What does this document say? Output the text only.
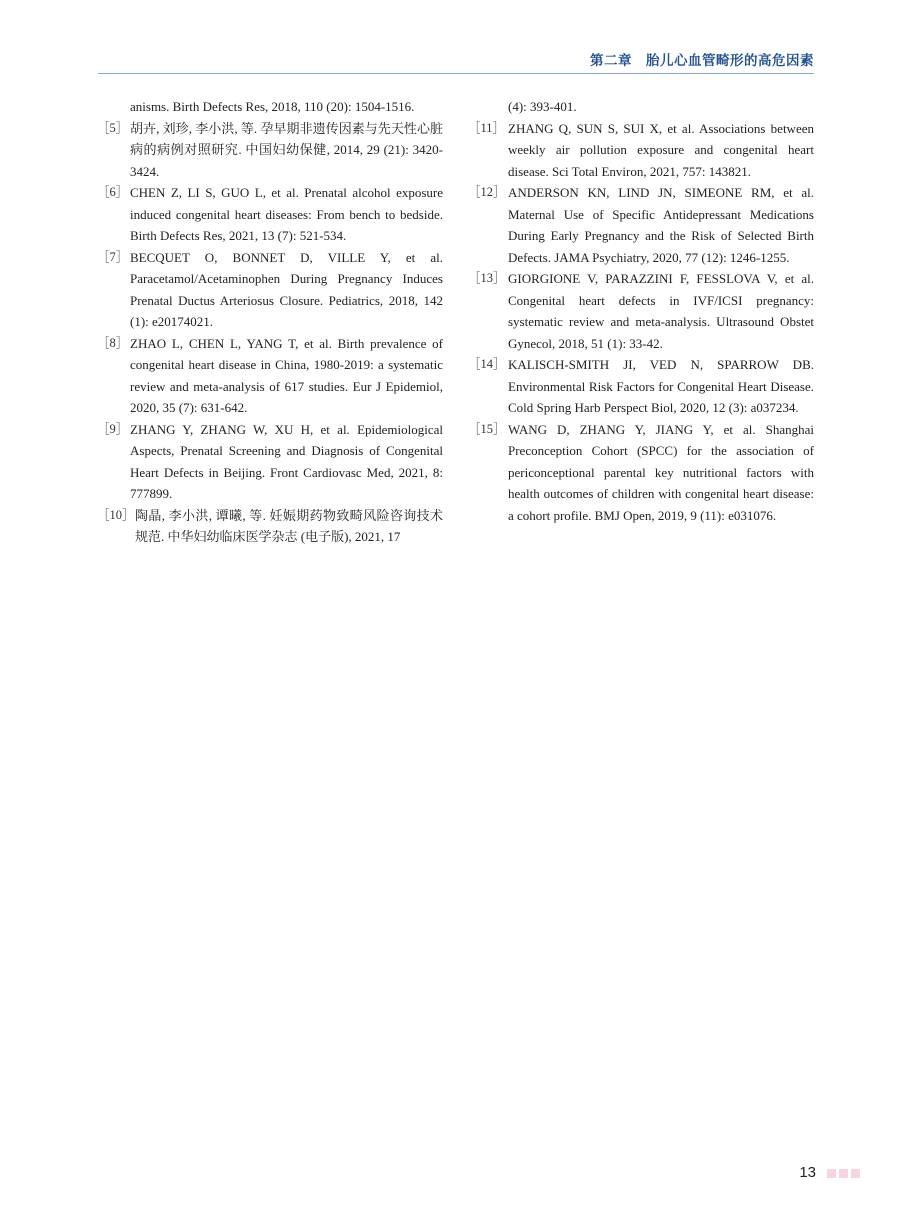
第二章　胎儿心血管畸形的高危因素
anisms. Birth Defects Res, 2018, 110 (20): 1504-1516.
［5］ 胡卉, 刘珍, 李小洪, 等. 孕早期非遗传因素与先天性心脏病的病例对照研究. 中国妇幼保健, 2014, 29 (21): 3420-3424.
［6］ CHEN Z, LI S, GUO L, et al. Prenatal alcohol exposure induced congenital heart diseases: From bench to bedside. Birth Defects Res, 2021, 13 (7): 521-534.
［7］ BECQUET O, BONNET D, VILLE Y, et al. Paracetamol/Acetaminophen During Pregnancy Induces Prenatal Ductus Arteriosus Closure. Pediatrics, 2018, 142 (1): e20174021.
［8］ ZHAO L, CHEN L, YANG T, et al. Birth prevalence of congenital heart disease in China, 1980-2019: a systematic review and meta-analysis of 617 studies. Eur J Epidemiol, 2020, 35 (7): 631-642.
［9］ ZHANG Y, ZHANG W, XU H, et al. Epidemiological Aspects, Prenatal Screening and Diagnosis of Congenital Heart Defects in Beijing. Front Cardiovasc Med, 2021, 8: 777899.
［10］ 陶晶, 李小洪, 谭曦, 等. 妊娠期药物致畸风险咨询技术规范. 中华妇幼临床医学杂志 (电子版), 2021, 17
(4): 393-401.
［11］ ZHANG Q, SUN S, SUI X, et al. Associations between weekly air pollution exposure and congenital heart disease. Sci Total Environ, 2021, 757: 143821.
［12］ ANDERSON KN, LIND JN, SIMEONE RM, et al. Maternal Use of Specific Antidepressant Medications During Early Pregnancy and the Risk of Selected Birth Defects. JAMA Psychiatry, 2020, 77 (12): 1246-1255.
［13］ GIORGIONE V, PARAZZINI F, FESSLOVA V, et al. Congenital heart defects in IVF/ICSI pregnancy: systematic review and meta-analysis. Ultrasound Obstet Gynecol, 2018, 51 (1): 33-42.
［14］ KALISCH-SMITH JI, VED N, SPARROW DB. Environmental Risk Factors for Congenital Heart Disease. Cold Spring Harb Perspect Biol, 2020, 12 (3): a037234.
［15］ WANG D, ZHANG Y, JIANG Y, et al. Shanghai Preconception Cohort (SPCC) for the association of periconceptional parental key nutritional factors with health outcomes of children with congenital heart disease: a cohort profile. BMJ Open, 2019, 9 (11): e031076.
13
